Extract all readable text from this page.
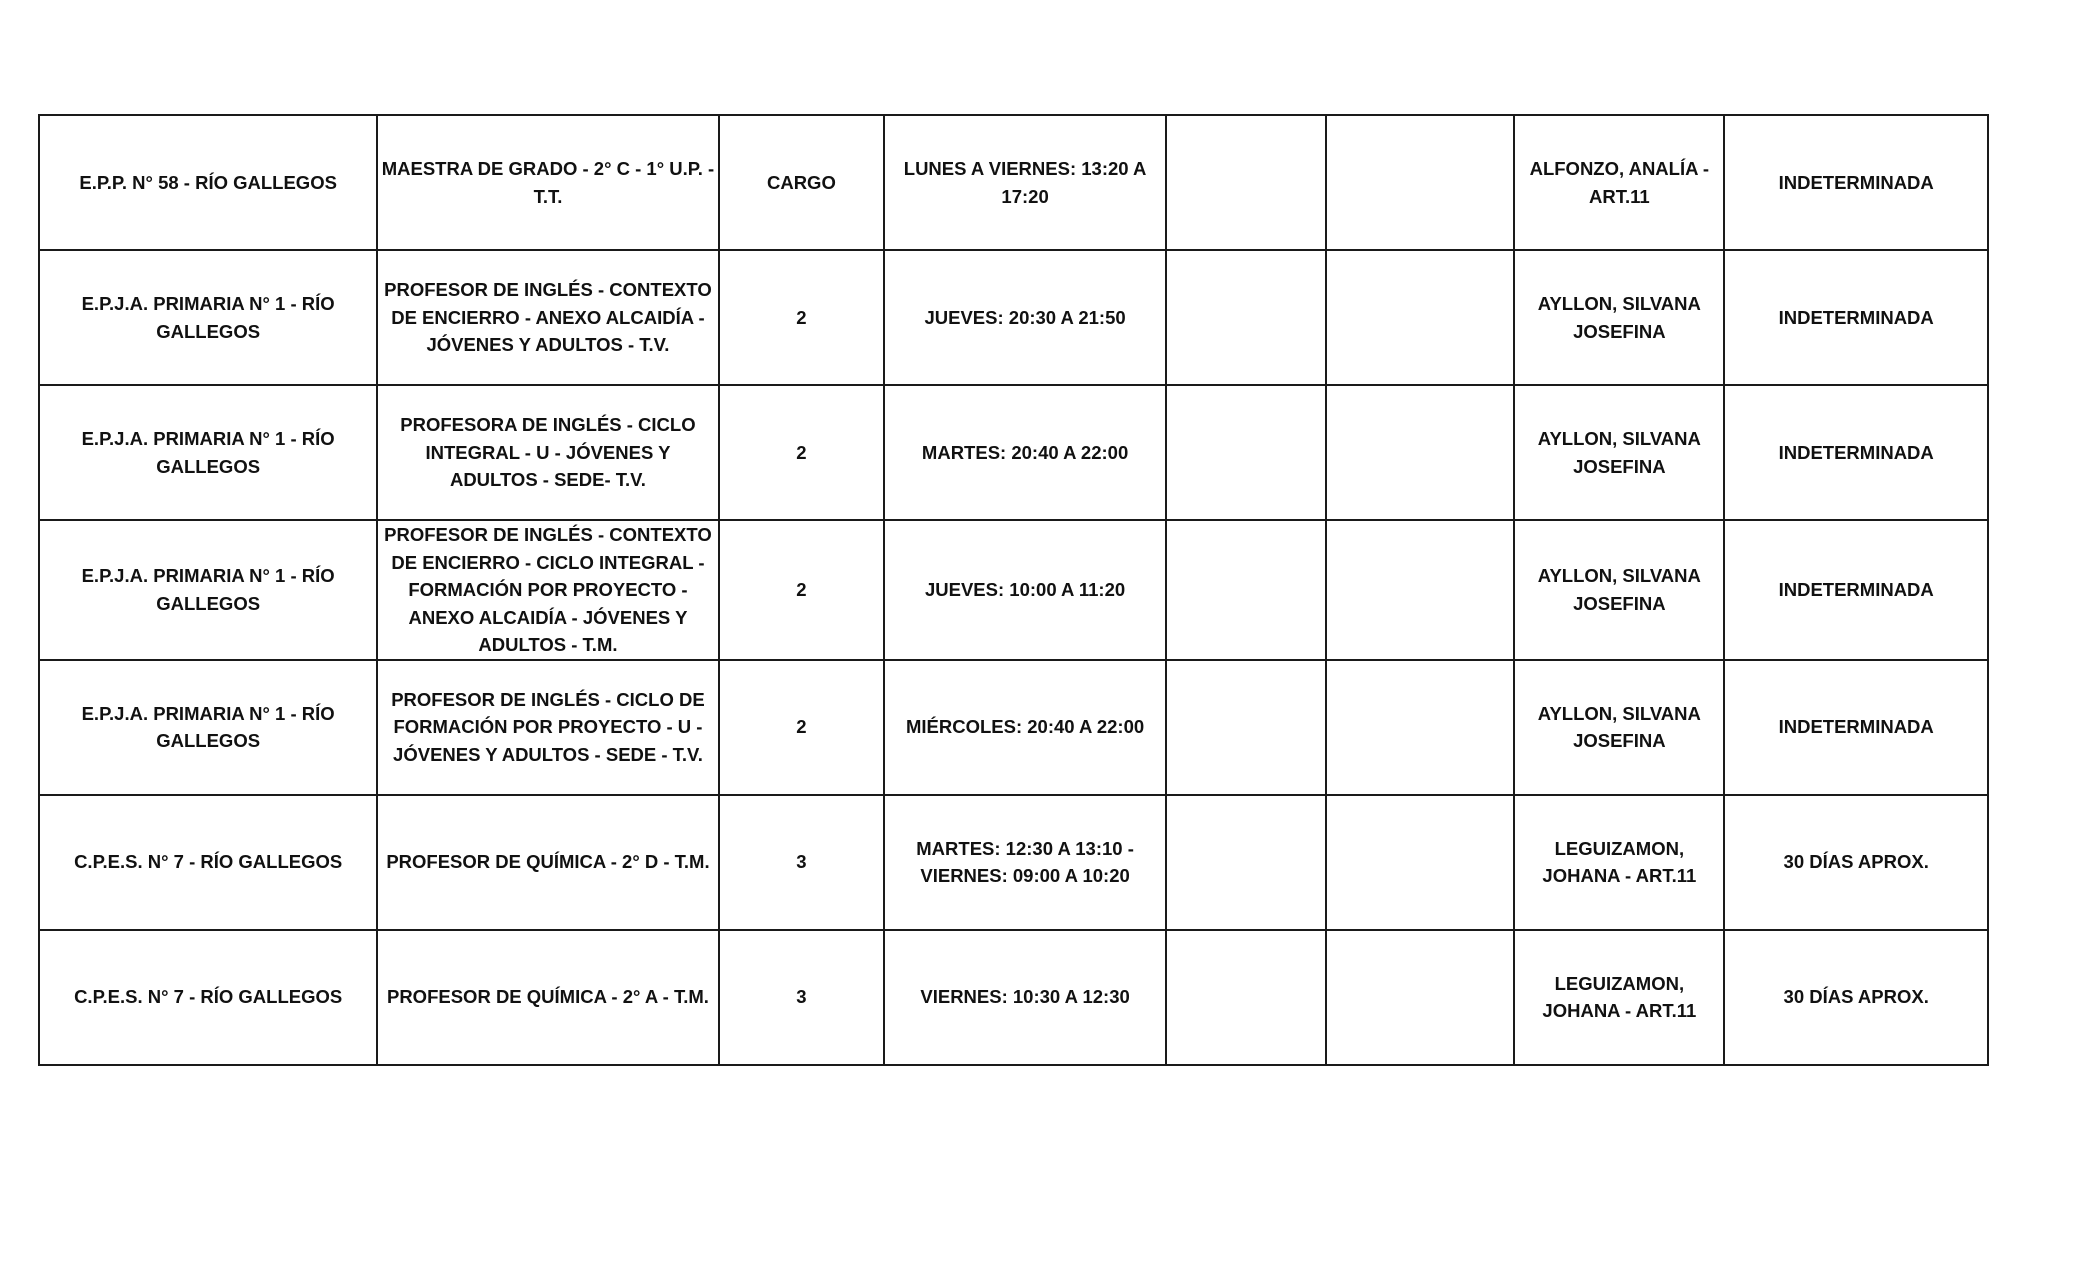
E.P.P. N° 58 - RÍO GALLEGOS	MAESTRA DE GRADO - 2° C - 1° U.P. - T.T.	CARGO	LUNES A VIERNES: 13:20 A 17:20			ALFONZO, ANALÍA - ART.11	INDETERMINADA
E.P.J.A. PRIMARIA N° 1 - RÍO GALLEGOS	PROFESOR DE INGLÉS - CONTEXTO DE ENCIERRO - ANEXO ALCAIDÍA - JÓVENES Y ADULTOS - T.V.	2	JUEVES: 20:30 A 21:50			AYLLON, SILVANA JOSEFINA	INDETERMINADA
E.P.J.A. PRIMARIA N° 1 - RÍO GALLEGOS	PROFESORA DE INGLÉS - CICLO INTEGRAL - U - JÓVENES Y ADULTOS - SEDE- T.V.	2	MARTES: 20:40 A 22:00			AYLLON, SILVANA JOSEFINA	INDETERMINADA
E.P.J.A. PRIMARIA N° 1 - RÍO GALLEGOS	PROFESOR DE INGLÉS - CONTEXTO DE ENCIERRO - CICLO INTEGRAL - FORMACIÓN POR PROYECTO - ANEXO ALCAIDÍA - JÓVENES Y ADULTOS - T.M.	2	JUEVES: 10:00 A 11:20			AYLLON, SILVANA JOSEFINA	INDETERMINADA
E.P.J.A. PRIMARIA N° 1 - RÍO GALLEGOS	PROFESOR DE INGLÉS - CICLO DE FORMACIÓN POR PROYECTO - U - JÓVENES Y ADULTOS - SEDE - T.V.	2	MIÉRCOLES: 20:40 A 22:00			AYLLON, SILVANA JOSEFINA	INDETERMINADA
C.P.E.S. N° 7 - RÍO GALLEGOS	PROFESOR DE QUÍMICA - 2° D - T.M.	3	MARTES: 12:30 A 13:10 - VIERNES: 09:00 A 10:20			LEGUIZAMON, JOHANA - ART.11	30 DÍAS APROX.
C.P.E.S. N° 7 - RÍO GALLEGOS	PROFESOR DE QUÍMICA - 2° A - T.M.	3	VIERNES: 10:30 A 12:30			LEGUIZAMON, JOHANA - ART.11	30 DÍAS APROX.
